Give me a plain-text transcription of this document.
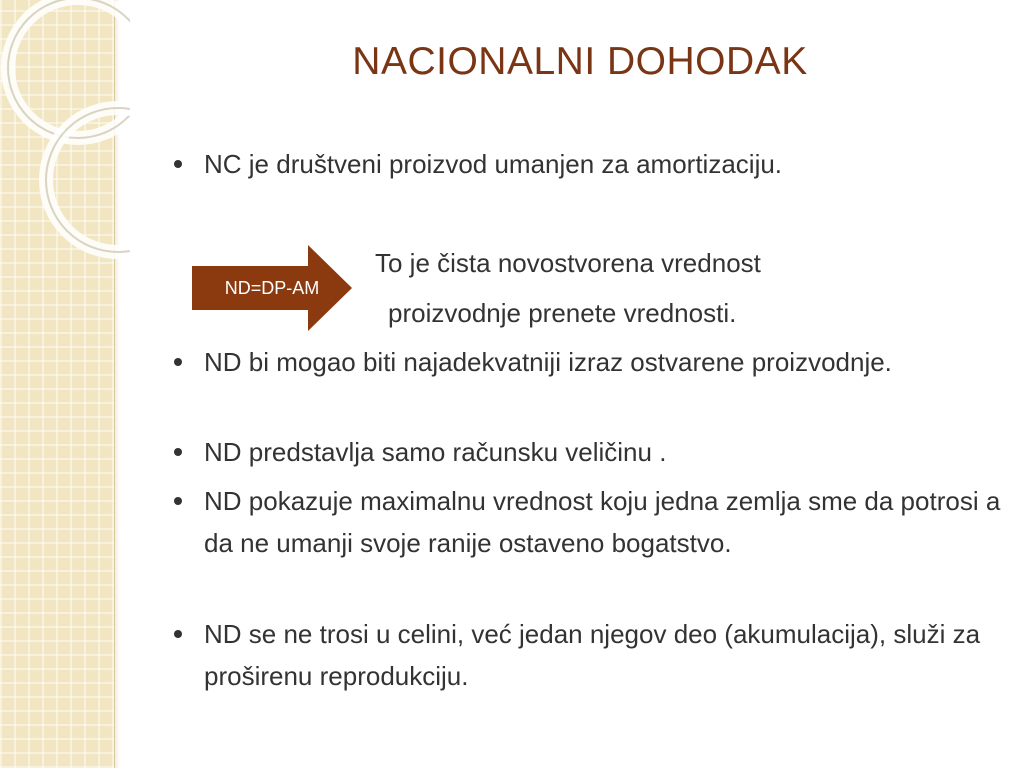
NACIONALNI DOHODAK
NC je društveni proizvod umanjen za amortizaciju.
ND=DP-AM
To je čista novostvorena vrednost
proizvodnje prenete vrednosti.
ND bi mogao biti najadekvatniji izraz ostvarene proizvodnje.
ND predstavlja samo računsku veličinu .
ND pokazuje maximalnu vrednost koju jedna zemlja sme da potrosi a da ne umanji svoje ranije ostaveno bogatstvo.
ND se ne trosi u celini, već jedan njegov deo (akumulacija), služi za proširenu reprodukciju.
